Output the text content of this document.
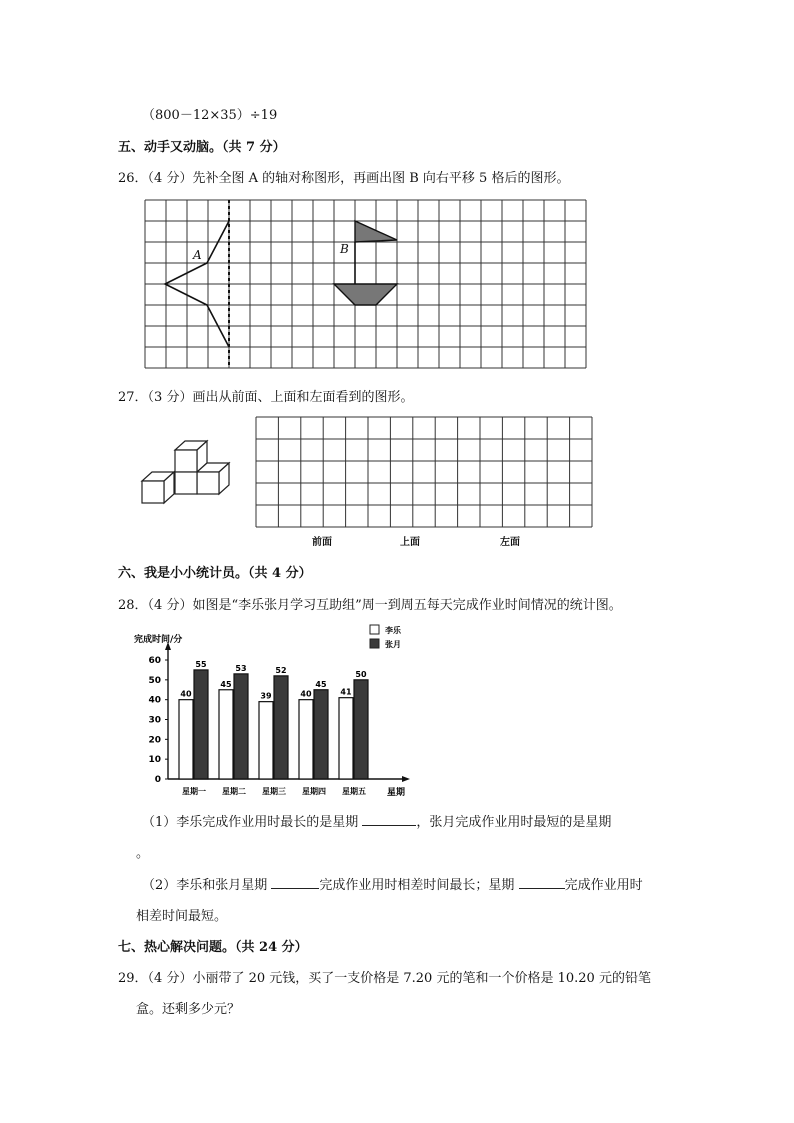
（800－12×35）÷19
五、动手又动脑。（共 7 分）
26．（4 分）先补全图 A 的轴对称图形，再画出图 B 向右平移 5 格后的图形。
A	B
27．（3 分）画出从前面、上面和左面看到的图形。
前面	上面	左面
六、我是小小统计员。（共 4 分）
28．（4 分）如图是“李乐张月学习互助组”周一到周五每天完成作业时间情况的统计图。
0
10
20
30
40
50
60
40
55
星期一
45
53
星期二
39
52
星期三
40
45
星期四
41
50
星期五
李乐
张月
完成时间/分
星期
（1）李乐完成作业用时最长的是星期	，张月完成作业用时最短的是星期
。
（2）李乐和张月星期	完成作业用时相差时间最长；星期	完成作业用时
相差时间最短。
七、热心解决问题。（共 24 分）
29．（4 分）小丽带了 20 元钱，买了一支价格是 7.20 元的笔和一个价格是 10.20 元的铅笔
盒。还剩多少元？
